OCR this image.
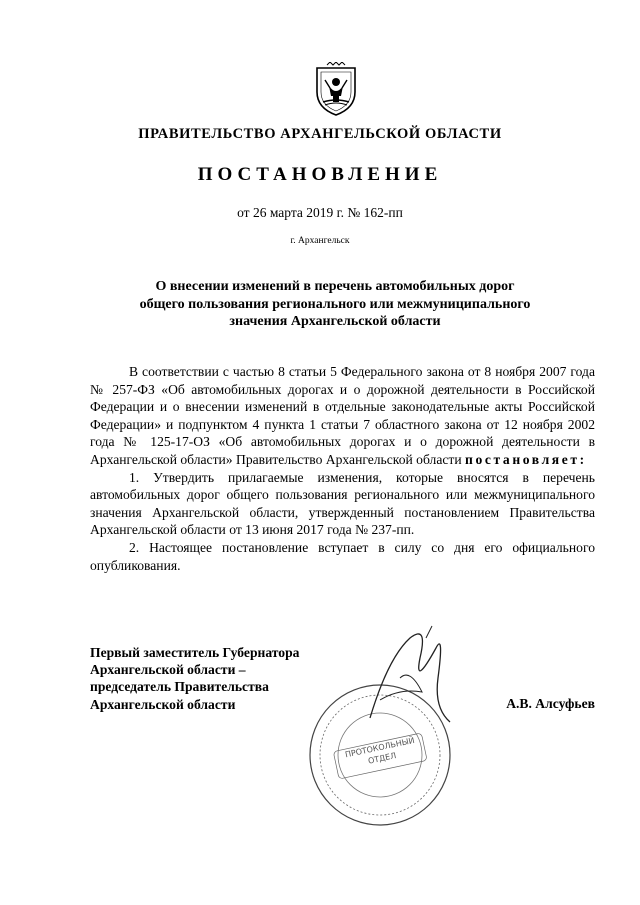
ПРАВИТЕЛЬСТВО АРХАНГЕЛЬСКОЙ ОБЛАСТИ
ПОСТАНОВЛЕНИЕ
от 26 марта 2019 г. № 162-пп
г. Архангельск
О внесении изменений в перечень автомобильных дорог
общего пользования регионального или межмуниципального
значения Архангельской области

В соответствии с частью 8 статьи 5 Федерального закона от 8 ноября 2007 года № 257-ФЗ «Об автомобильных дорогах и о дорожной деятельности в Российской Федерации и о внесении изменений в отдельные законодательные акты Российской Федерации» и подпунктом 4 пункта 1 статьи 7 областного закона от 12 ноября 2002 года № 125-17-ОЗ «Об автомобильных дорогах и о дорожной деятельности в Архангельской области» Правительство Архангельской области постановляет:

1. Утвердить прилагаемые изменения, которые вносятся в перечень автомобильных дорог общего пользования регионального или межмуниципального значения Архангельской области, утвержденный постановлением Правительства Архангельской области от 13 июня 2017 года № 237-пп.

2. Настоящее постановление вступает в силу со дня его официального опубликования.

Первый заместитель Губернатора
Архангельской области –
председатель Правительства
Архангельской области	А.В. Алсуфьев
ПРОТОКОЛЬНЫЙ ОТДЕЛ
